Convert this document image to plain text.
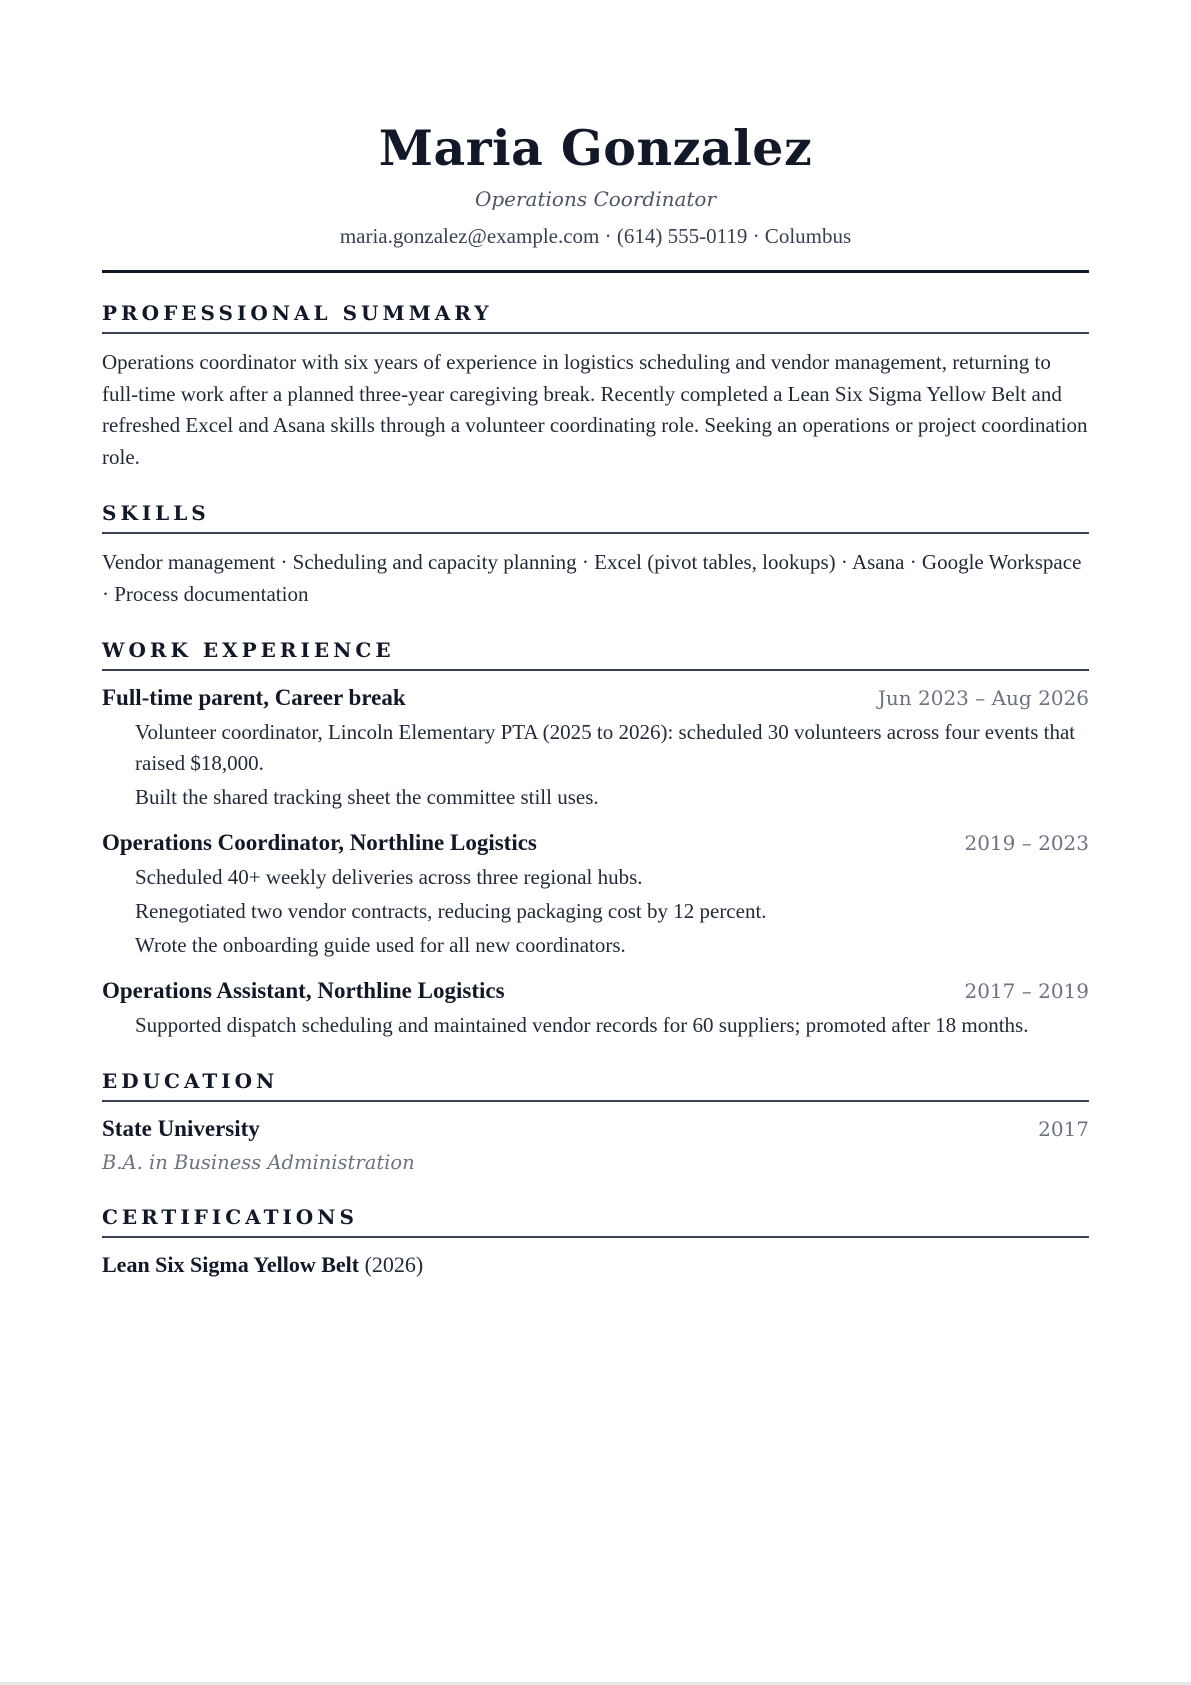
Maria Gonzalez
Operations Coordinator
maria.gonzalez@example.com · (614) 555-0119 · Columbus
PROFESSIONAL SUMMARY

Operations coordinator with six years of experience in logistics scheduling and vendor management, returning to full-time work after a planned three-year caregiving break. Recently completed a Lean Six Sigma Yellow Belt and refreshed Excel and Asana skills through a volunteer coordinating role. Seeking an operations or project coordination role.

SKILLS

Vendor management · Scheduling and capacity planning · Excel (pivot tables, lookups) · Asana · Google Workspace · Process documentation

WORK EXPERIENCE
Full-time parent, Career break	Jun 2023 – Aug 2026
Volunteer coordinator, Lincoln Elementary PTA (2025 to 2026): scheduled 30 volunteers across four events that raised $18,000.
Built the shared tracking sheet the committee still uses.
Operations Coordinator, Northline Logistics	2019 – 2023
Scheduled 40+ weekly deliveries across three regional hubs.
Renegotiated two vendor contracts, reducing packaging cost by 12 percent.
Wrote the onboarding guide used for all new coordinators.
Operations Assistant, Northline Logistics	2017 – 2019
Supported dispatch scheduling and maintained vendor records for 60 suppliers; promoted after 18 months.
EDUCATION
State University	2017
B.A. in Business Administration
CERTIFICATIONS
Lean Six Sigma Yellow Belt (2026)
